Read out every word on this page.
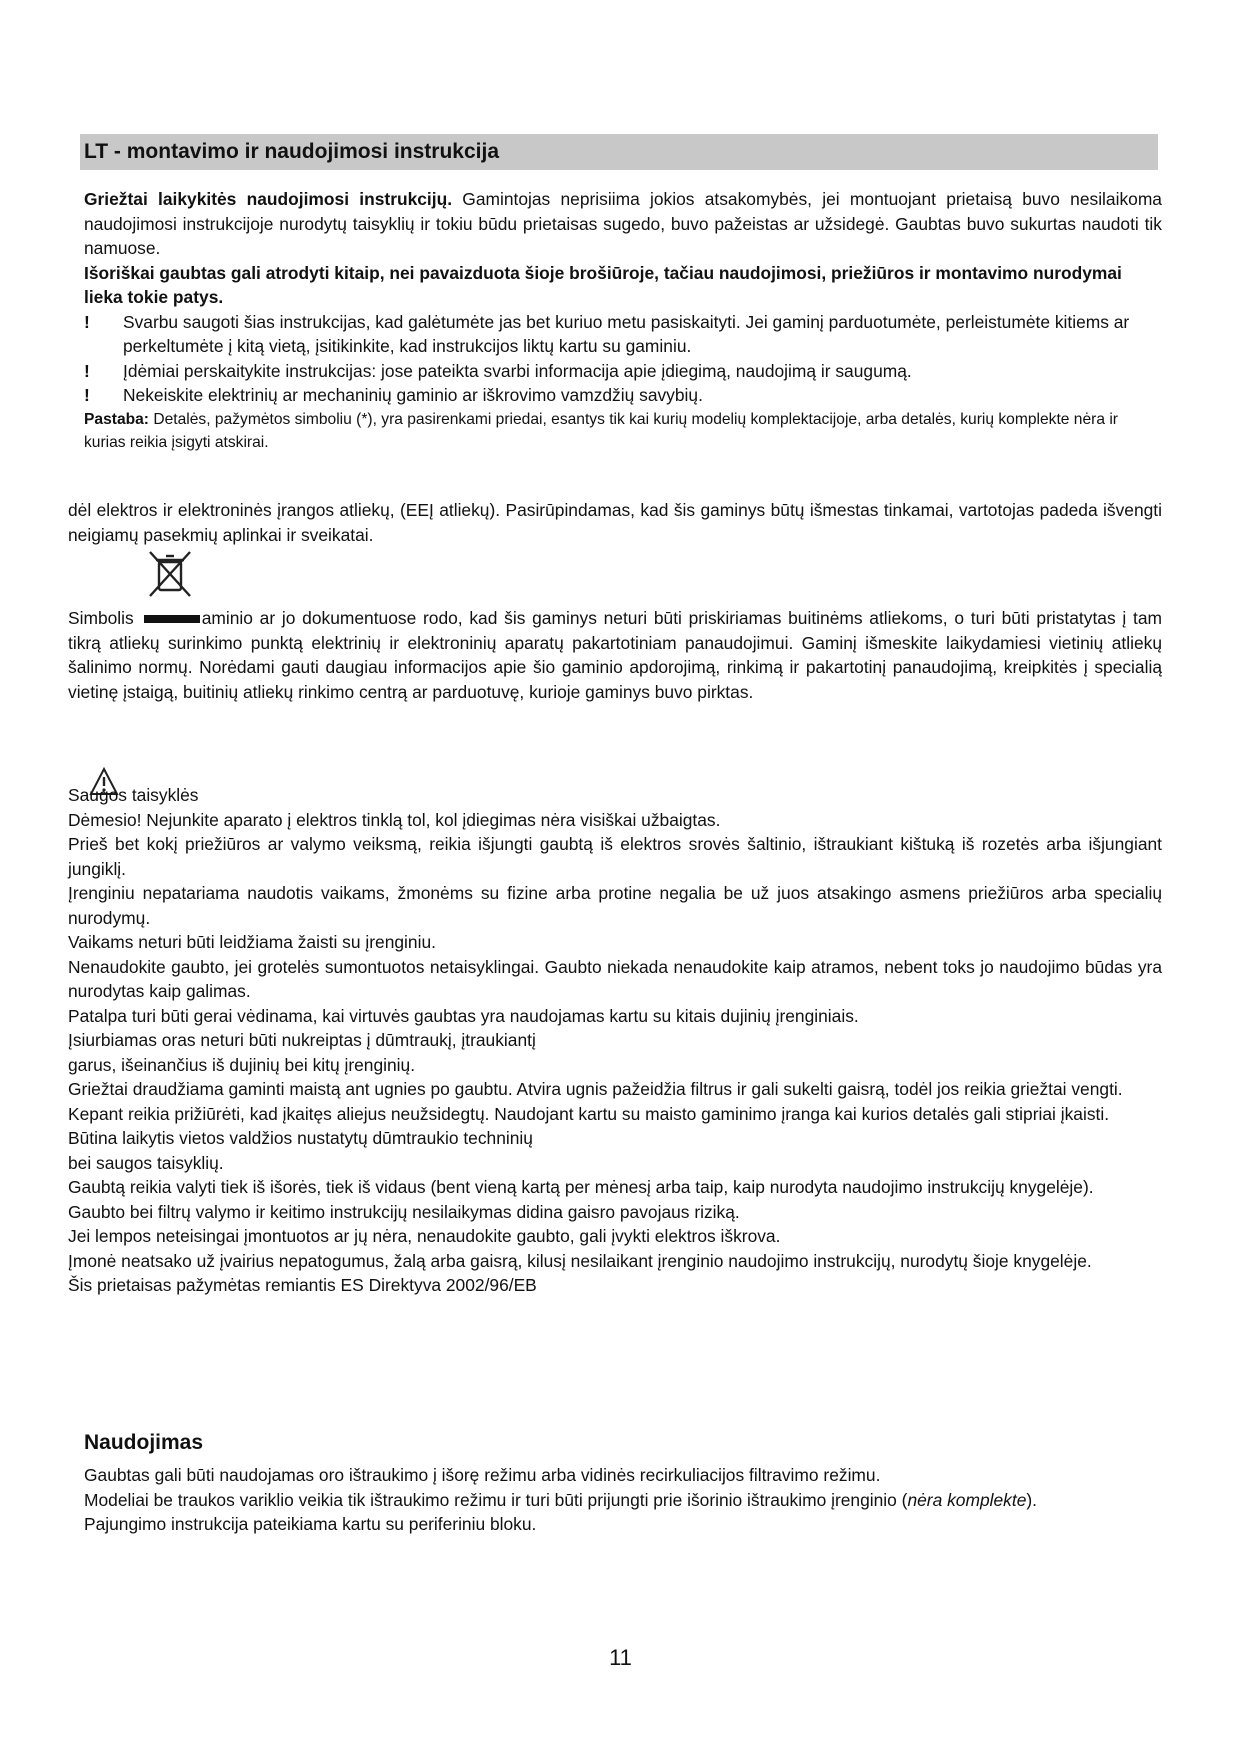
LT - montavimo ir naudojimosi instrukcija

Griežtai laikykitės naudojimosi instrukcijų. Gamintojas neprisiima jokios atsakomybės, jei montuojant prietaisą buvo nesilaikoma naudojimosi instrukcijoje nurodytų taisyklių ir tokiu būdu prietaisas sugedo, buvo pažeistas ar užsidegė. Gaubtas buvo sukurtas naudoti tik namuose.

Išoriškai gaubtas gali atrodyti kitaip, nei pavaizduota šioje brošiūroje, tačiau naudojimosi, priežiūros ir montavimo nurodymai lieka tokie patys.

!	Svarbu saugoti šias instrukcijas, kad galėtumėte jas bet kuriuo metu pasiskaityti. Jei gaminį parduotumėte, perleistumėte kitiems ar perkeltumėte į kitą vietą, įsitikinkite, kad instrukcijos liktų kartu su gaminiu.
!	Įdėmiai perskaitykite instrukcijas: jose pateikta svarbi informacija apie įdiegimą, naudojimą ir saugumą.
!	Nekeiskite elektrinių ar mechaninių gaminio ar iškrovimo vamzdžių savybių.

Pastaba: Detalės, pažymėtos simboliu (*), yra pasirenkami priedai, esantys tik kai kurių modelių komplektacijoje, arba detalės, kurių komplekte nėra ir kurias reikia įsigyti atskirai.

dėl elektros ir elektroninės įrangos atliekų, (EEĮ atliekų). Pasirūpindamas, kad šis gaminys būtų išmestas tinkamai, vartotojas padeda išvengti neigiamų pasekmių aplinkai ir sveikatai.

Simbolis	aminio ar jo dokumentuose rodo, kad šis gaminys neturi būti priskiriamas buitinėms atliekoms, o turi būti pristatytas į tam tikrą atliekų surinkimo punktą elektrinių ir elektroninių aparatų pakartotiniam panaudojimui. Gaminį išmeskite laikydamiesi vietinių atliekų šalinimo normų. Norėdami gauti daugiau informacijos apie šio gaminio apdorojimą, rinkimą ir pakartotinį panaudojimą, kreipkitės į specialią vietinę įstaigą, buitinių atliekų rinkimo centrą ar parduotuvę, kurioje gaminys buvo pirktas.

Saugos taisyklės

Dėmesio! Nejunkite aparato į elektros tinklą tol, kol įdiegimas nėra visiškai užbaigtas.

Prieš bet kokį priežiūros ar valymo veiksmą, reikia išjungti gaubtą iš elektros srovės šaltinio, ištraukiant kištuką iš rozetės arba išjungiant jungiklį.

Įrenginiu nepatariama naudotis vaikams, žmonėms su fizine arba protine negalia be už juos atsakingo asmens priežiūros arba specialių nurodymų.

Vaikams neturi būti leidžiama žaisti su įrenginiu.

Nenaudokite gaubto, jei grotelės sumontuotos netaisyklingai. Gaubto niekada nenaudokite kaip atramos, nebent toks jo naudojimo būdas yra nurodytas kaip galimas.

Patalpa turi būti gerai vėdinama, kai virtuvės gaubtas yra naudojamas kartu su kitais dujinių įrenginiais.

Įsiurbiamas oras neturi būti nukreiptas į dūmtraukį, įtraukiantį

garus, išeinančius iš dujinių bei kitų įrenginių.

Griežtai draudžiama gaminti maistą ant ugnies po gaubtu. Atvira ugnis pažeidžia filtrus ir gali sukelti gaisrą, todėl jos reikia griežtai vengti.

Kepant reikia prižiūrėti, kad įkaitęs aliejus neužsidegtų. Naudojant kartu su maisto gaminimo įranga kai kurios detalės gali stipriai įkaisti.

Būtina laikytis vietos valdžios nustatytų dūmtraukio techninių

bei saugos taisyklių.

Gaubtą reikia valyti tiek iš išorės, tiek iš vidaus (bent vieną kartą per mėnesį arba taip, kaip nurodyta naudojimo instrukcijų knygelėje).

Gaubto bei filtrų valymo ir keitimo instrukcijų nesilaikymas didina gaisro pavojaus riziką.

Jei lempos neteisingai įmontuotos ar jų nėra, nenaudokite gaubto, gali įvykti elektros iškrova.

Įmonė neatsako už įvairius nepatogumus, žalą arba gaisrą, kilusį nesilaikant įrenginio naudojimo instrukcijų, nurodytų šioje knygelėje.

Šis prietaisas pažymėtas remiantis ES Direktyva 2002/96/EB

Naudojimas

Gaubtas gali būti naudojamas oro ištraukimo į išorę režimu arba vidinės recirkuliacijos filtravimo režimu.

Modeliai be traukos variklio veikia tik ištraukimo režimu ir turi būti prijungti prie išorinio ištraukimo įrenginio (nėra komplekte).

Pajungimo instrukcija pateikiama kartu su periferiniu bloku.

11
